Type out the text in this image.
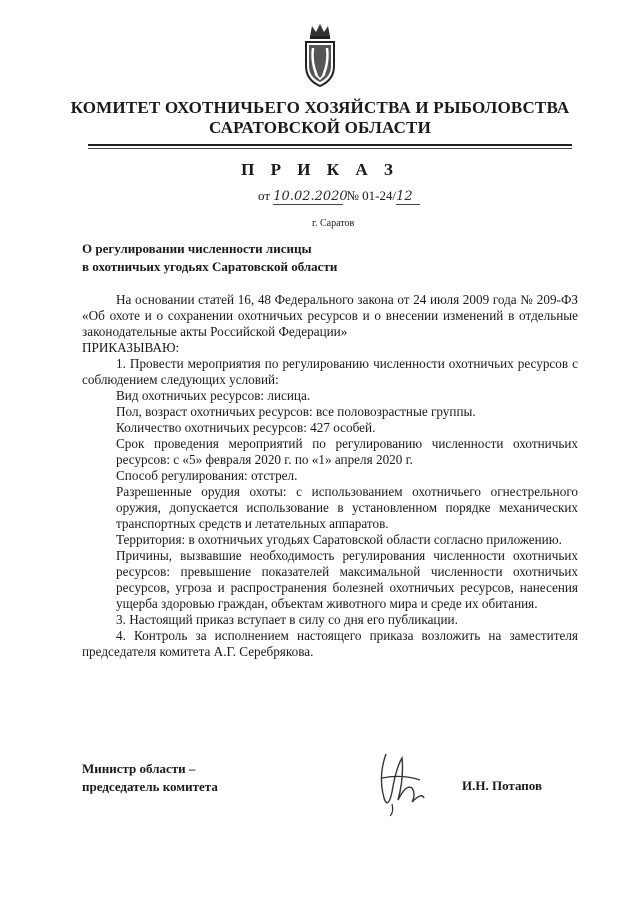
КОМИТЕТ ОХОТНИЧЬЕГО ХОЗЯЙСТВА И РЫБОЛОВСТВА
САРАТОВСКОЙ ОБЛАСТИ
П Р И К А З
от 10.02.2020 № 01-24/12
г. Саратов
О регулировании численности лисицы
в охотничьих угодьях Саратовской области

На основании статей 16, 48 Федерального закона от 24 июля 2009 года № 209-ФЗ «Об охоте и о сохранении охотничьих ресурсов и о внесении изменений в отдельные законодательные акты Российской Федерации»

ПРИКАЗЫВАЮ:

1. Провести мероприятия по регулированию численности охотничьих ресурсов с соблюдением следующих условий:

Вид охотничьих ресурсов: лисица.

Пол, возраст охотничьих ресурсов: все половозрастные группы.

Количество охотничьих ресурсов: 427 особей.

Срок проведения мероприятий по регулированию численности охотничьих ресурсов: с «5» февраля 2020 г. по «1» апреля 2020 г.

Способ регулирования: отстрел.

Разрешенные орудия охоты: с использованием охотничьего огнестрельного оружия, допускается использование в установленном порядке механических транспортных средств и летательных аппаратов.

Территория: в охотничьих угодьях Саратовской области согласно приложению.

Причины, вызвавшие необходимость регулирования численности охотничьих ресурсов: превышение показателей максимальной численности охотничьих ресурсов, угроза и распространения болезней охотничьих ресурсов, нанесения ущерба здоровью граждан, объектам животного мира и среде их обитания.

3. Настоящий приказ вступает в силу со дня его публикации.

4. Контроль за исполнением настоящего приказа возложить на заместителя председателя комитета А.Г. Серебрякова.

Министр области –
председатель комитета	И.Н. Потапов
